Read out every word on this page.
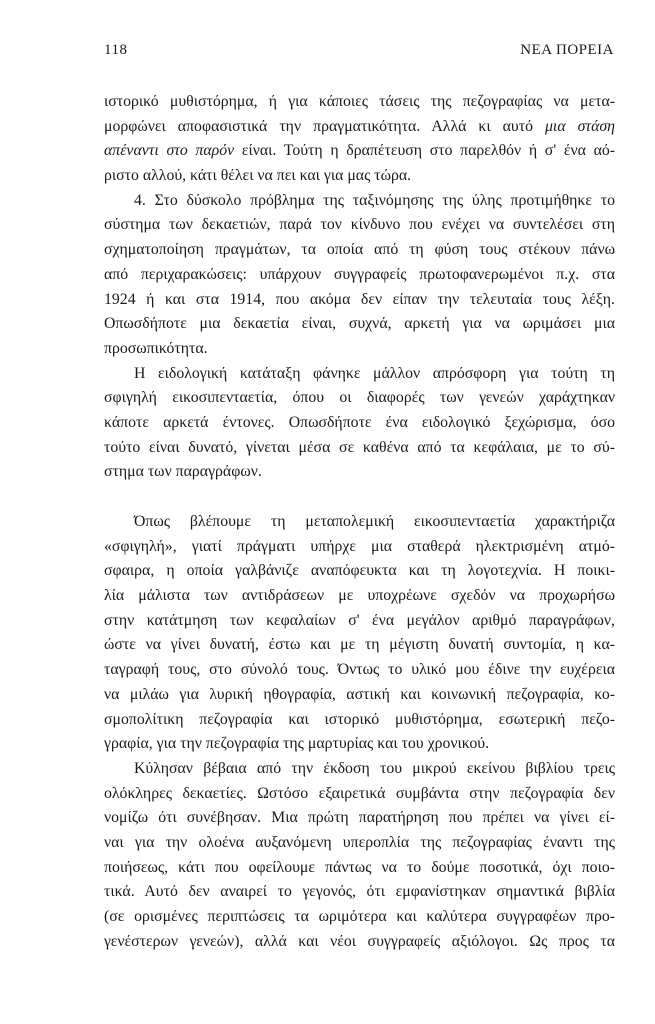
118	ΝΕΑ ΠΟΡΕΙΑ
ιστορικό μυθιστόρημα, ή για κάποιες τάσεις της πεζογραφίας να μετα-
μορφώνει αποφασιστικά την πραγματικότητα. Αλλά κι αυτό μια στάση
απέναντι στο παρόν είναι. Τούτη η δραπέτευση στο παρελθόν ή σ' ένα αό-
ριστο αλλού, κάτι θέλει να πει και για μας τώρα.
4. Στο δύσκολο πρόβλημα της ταξινόμησης της ύλης προτιμήθηκε το
σύστημα των δεκαετιών, παρά τον κίνδυνο που ενέχει να συντελέσει στη
σχηματοποίηση πραγμάτων, τα οποία από τη φύση τους στέκουν πάνω
από περιχαρακώσεις: υπάρχουν συγγραφείς πρωτοφανερωμένοι π.χ. στα
1924 ή και στα 1914, που ακόμα δεν είπαν την τελευταία τους λέξη.
Οπωσδήποτε μια δεκαετία είναι, συχνά, αρκετή για να ωριμάσει μια
προσωπικότητα.
Η ειδολογική κατάταξη φάνηκε μάλλον απρόσφορη για τούτη τη
σφιγηλή εικοσιπενταετία, όπου οι διαφορές των γενεών χαράχτηκαν
κάποτε αρκετά έντονες. Οπωσδήποτε ένα ειδολογικό ξεχώρισμα, όσο
τούτο είναι δυνατό, γίνεται μέσα σε καθένα από τα κεφάλαια, με το σύ-
στημα των παραγράφων.
Όπως βλέπουμε τη μεταπολεμική εικοσιπενταετία χαρακτήριζα
«σφιγηλή», γιατί πράγματι υπήρχε μια σταθερά ηλεκτρισμένη ατμό-
σφαιρα, η οποία γαλβάνιζε αναπόφευκτα και τη λογοτεχνία. Η ποικι-
λία μάλιστα των αντιδράσεων με υποχρέωνε σχεδόν να προχωρήσω
στην κατάτμηση των κεφαλαίων σ' ένα μεγάλον αριθμό παραγράφων,
ώστε να γίνει δυνατή, έστω και με τη μέγιστη δυνατή συντομία, η κα-
ταγραφή τους, στο σύνολό τους. Όντως το υλικό μου έδινε την ευχέρεια
να μιλάω για λυρική ηθογραφία, αστική και κοινωνική πεζογραφία, κο-
σμοπολίτικη πεζογραφία και ιστορικό μυθιστόρημα, εσωτερική πεζο-
γραφία, για την πεζογραφία της μαρτυρίας και του χρονικού.
Κύλησαν βέβαια από την έκδοση του μικρού εκείνου βιβλίου τρεις
ολόκληρες δεκαετίες. Ωστόσο εξαιρετικά συμβάντα στην πεζογραφία δεν
νομίζω ότι συνέβησαν. Μια πρώτη παρατήρηση που πρέπει να γίνει εί-
ναι για την ολοένα αυξανόμενη υπεροπλία της πεζογραφίας έναντι της
ποιήσεως, κάτι που οφείλουμε πάντως να το δούμε ποσοτικά, όχι ποιο-
τικά. Αυτό δεν αναιρεί το γεγονός, ότι εμφανίστηκαν σημαντικά βιβλία
(σε ορισμένες περιπτώσεις τα ωριμότερα και καλύτερα συγγραφέων προ-
γενέστερων γενεών), αλλά και νέοι συγγραφείς αξιόλογοι. Ως προς τα
